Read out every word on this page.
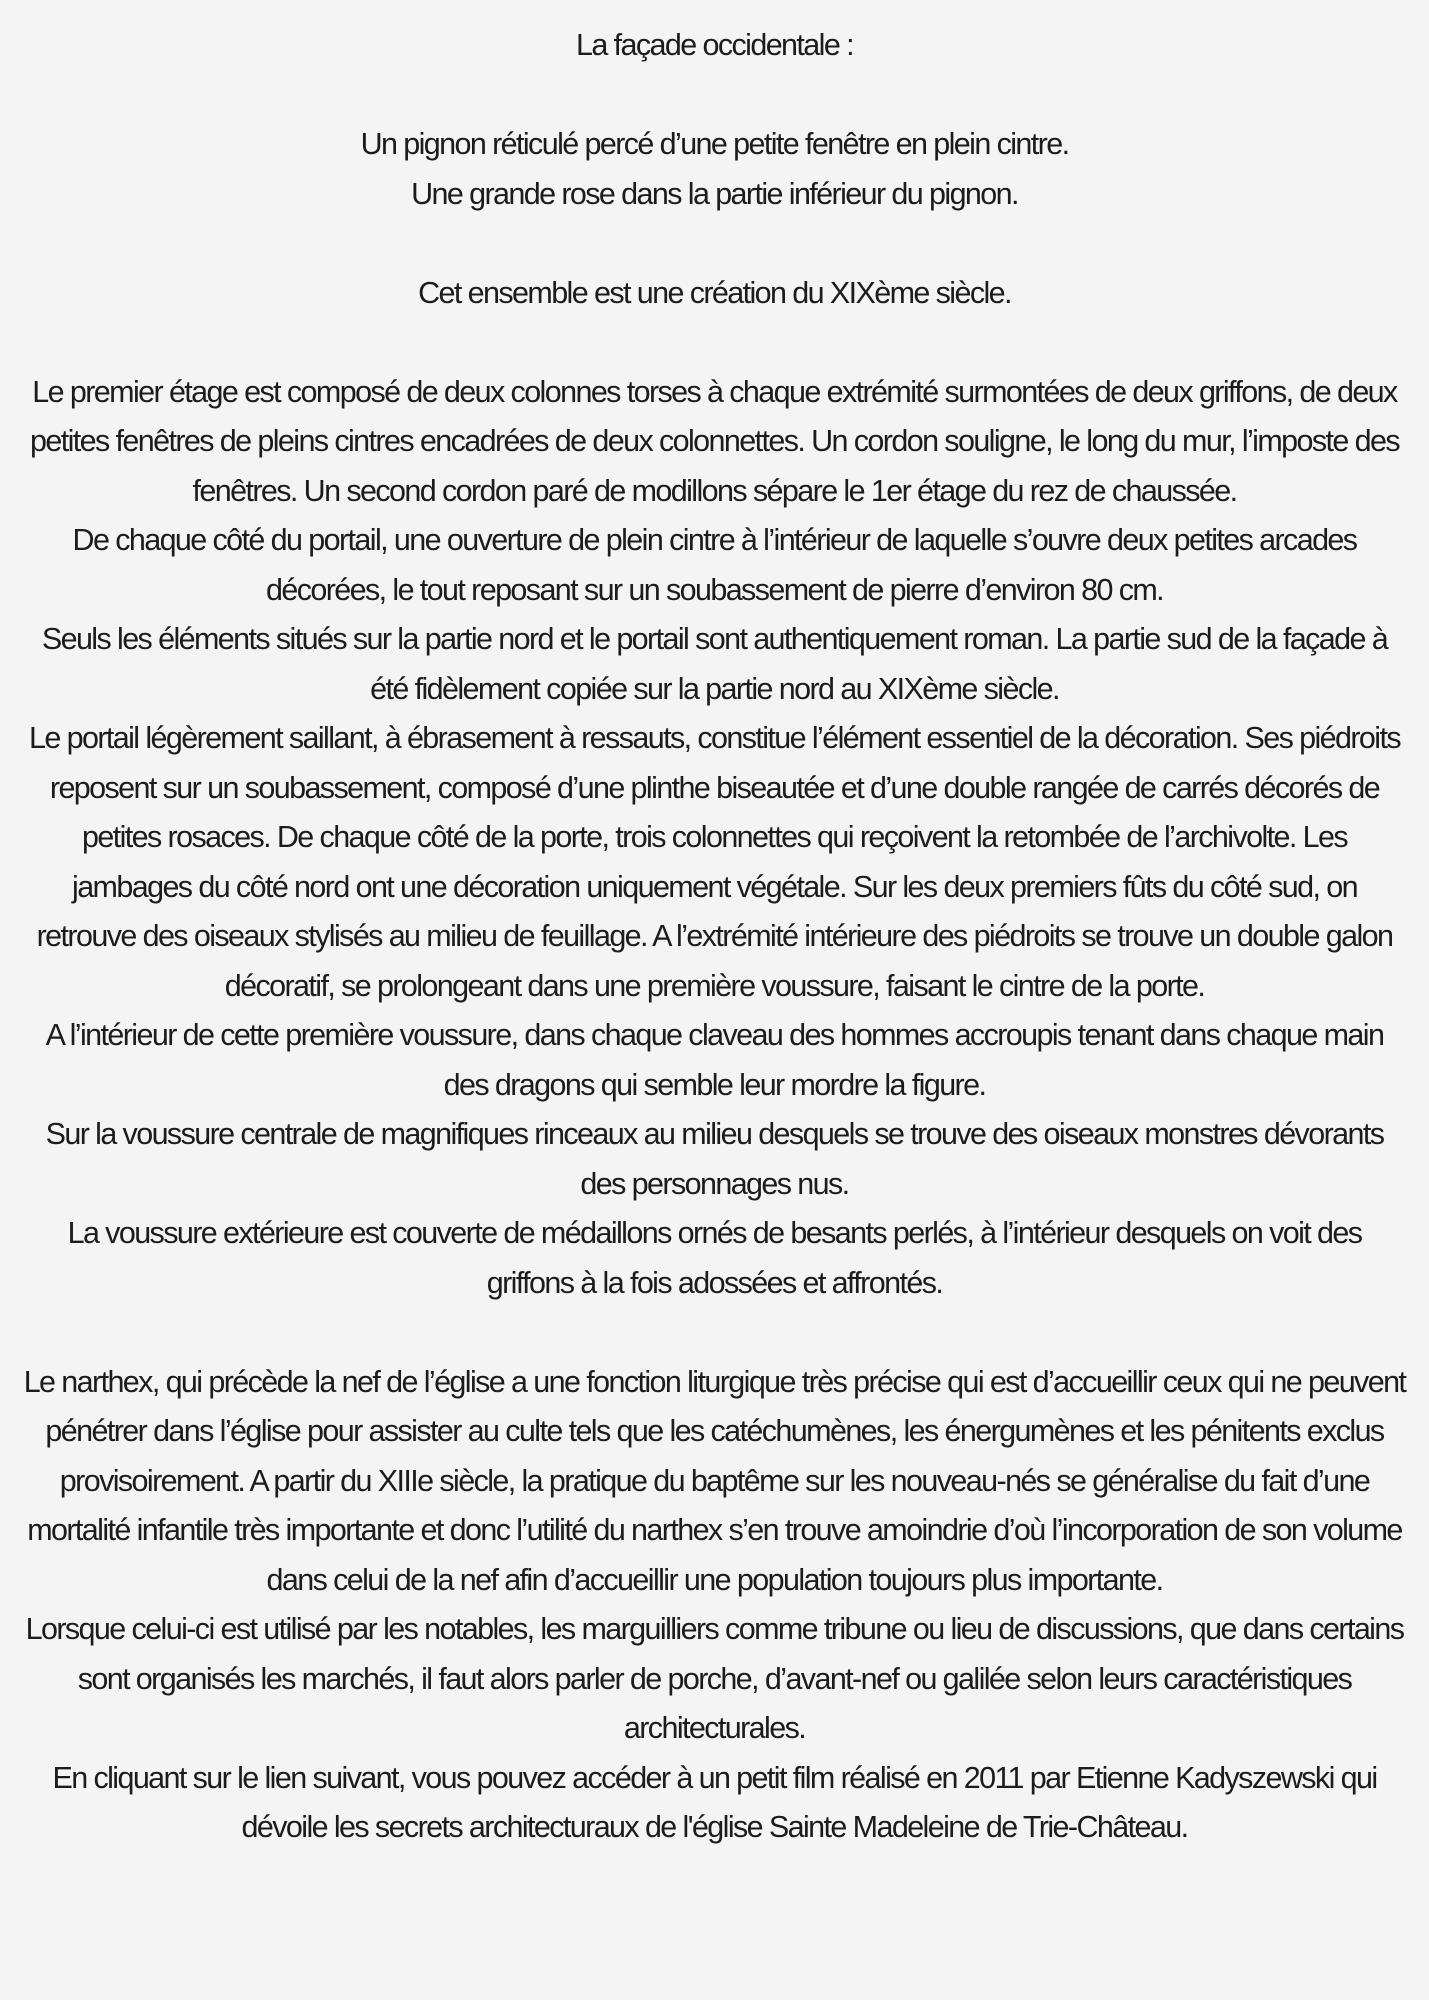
La façade occidentale :

Un pignon réticulé percé d’une petite fenêtre en plein cintre.

Une grande rose dans la partie inférieur du pignon.

Cet ensemble est une création du XIXème siècle.

Le premier étage est composé de deux colonnes torses à chaque extrémité surmontées de deux griffons, de deux petites fenêtres de pleins cintres encadrées de deux colonnettes. Un cordon souligne, le long du mur, l’imposte des fenêtres. Un second cordon paré de modillons sépare le 1er étage du rez de chaussée.

De chaque côté du portail, une ouverture de plein cintre à l’intérieur de laquelle s’ouvre deux petites arcades décorées, le tout reposant sur un soubassement de pierre d’environ 80 cm.

Seuls les éléments situés sur la partie nord et le portail sont authentiquement roman. La partie sud de la façade à été fidèlement copiée sur la partie nord au XIXème siècle.

Le portail légèrement saillant, à ébrasement à ressauts, constitue l’élément essentiel de la décoration. Ses piédroits reposent sur un soubassement, composé d’une plinthe biseautée et d’une double rangée de carrés décorés de petites rosaces. De chaque côté de la porte, trois colonnettes qui reçoivent la retombée de l’archivolte. Les jambages du côté nord ont une décoration uniquement végétale. Sur les deux premiers fûts du côté sud, on retrouve des oiseaux stylisés au milieu de feuillage. A l’extrémité intérieure des piédroits se trouve un double galon décoratif, se prolongeant dans une première voussure, faisant le cintre de la porte.

A l’intérieur de cette première voussure, dans chaque claveau des hommes accroupis tenant dans chaque main des dragons qui semble leur mordre la figure.

Sur la voussure centrale de magnifiques rinceaux au milieu desquels se trouve des oiseaux monstres dévorants des personnages nus.

La voussure extérieure est couverte de médaillons ornés de besants perlés, à l’intérieur desquels on voit des griffons à la fois adossées et affrontés.

Le narthex, qui précède la nef de l’église a une fonction liturgique très précise qui est d’accueillir ceux qui ne peuvent pénétrer dans l’église pour assister au culte tels que les catéchumènes, les énergumènes et les pénitents exclus provisoirement. A partir du XIIIe siècle, la pratique du baptême sur les nouveau-nés se généralise du fait d’une mortalité infantile très importante et donc l’utilité du narthex s’en trouve amoindrie d’où l’incorporation de son volume dans celui de la nef afin d’accueillir une population toujours plus importante.

Lorsque celui-ci est utilisé par les notables, les marguilliers comme tribune ou lieu de discussions, que dans certains sont organisés les marchés, il faut alors parler de porche, d’avant-nef ou galilée selon leurs caractéristiques architecturales.

En cliquant sur le lien suivant, vous pouvez accéder à un petit film réalisé en 2011 par Etienne Kadyszewski qui dévoile les secrets architecturaux de l'église Sainte Madeleine de Trie-Château.
